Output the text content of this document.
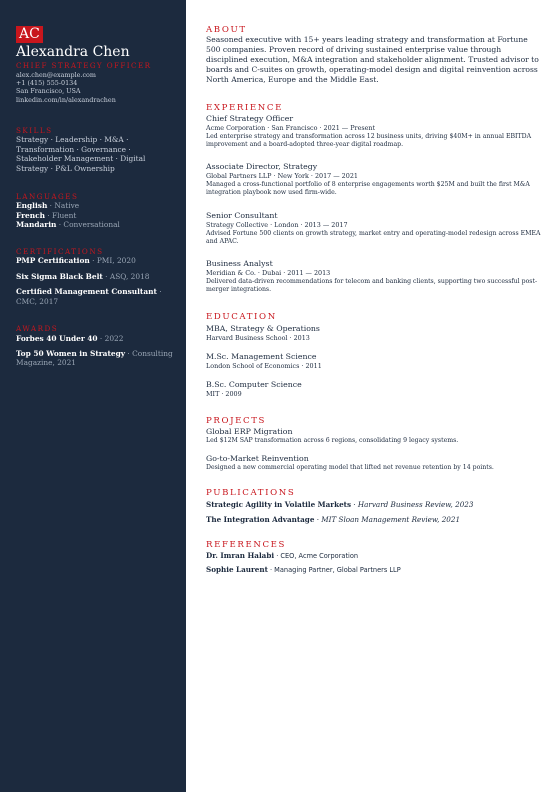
AC
Alexandra Chen
CHIEF STRATEGY OFFICER
alex.chen@example.com
+1 (415) 555-0134
San Francisco, USA
linkedin.com/in/alexandrachen
SKILLS
Strategy · Leadership · M&A · Transformation · Governance · Stakeholder Management · Digital Strategy · P&L Ownership
LANGUAGES
English · Native
French · Fluent
Mandarin · Conversational
CERTIFICATIONS
PMP Certification · PMI, 2020
Six Sigma Black Belt · ASQ, 2018
Certified Management Consultant · CMC, 2017
AWARDS
Forbes 40 Under 40 · 2022
Top 50 Women in Strategy · Consulting Magazine, 2021
ABOUT
Seasoned executive with 15+ years leading strategy and transformation at Fortune 500 companies. Proven record of driving sustained enterprise value through disciplined execution, M&A integration and stakeholder alignment. Trusted advisor to boards and C-suites on growth, operating-model design and digital reinvention across North America, Europe and the Middle East.
EXPERIENCE
Chief Strategy Officer
Acme Corporation · San Francisco · 2021 — Present
Led enterprise strategy and transformation across 12 business units, driving $40M+ in annual EBITDA improvement and a board-adopted three-year digital roadmap.
Associate Director, Strategy
Global Partners LLP · New York · 2017 — 2021
Managed a cross-functional portfolio of 8 enterprise engagements worth $25M and built the first M&A integration playbook now used firm-wide.
Senior Consultant
Strategy Collective · London · 2013 — 2017
Advised Fortune 500 clients on growth strategy, market entry and operating-model redesign across EMEA and APAC.
Business Analyst
Meridian & Co. · Dubai · 2011 — 2013
Delivered data-driven recommendations for telecom and banking clients, supporting two successful post-merger integrations.
EDUCATION
MBA, Strategy & Operations
Harvard Business School · 2013
M.Sc. Management Science
London School of Economics · 2011
B.Sc. Computer Science
MIT · 2009
PROJECTS
Global ERP Migration
Led $12M SAP transformation across 6 regions, consolidating 9 legacy systems.
Go-to-Market Reinvention
Designed a new commercial operating model that lifted net revenue retention by 14 points.
PUBLICATIONS
Strategic Agility in Volatile Markets · Harvard Business Review, 2023
The Integration Advantage · MIT Sloan Management Review, 2021
REFERENCES
Dr. Imran Halabi · CEO, Acme Corporation
Sophie Laurent · Managing Partner, Global Partners LLP
